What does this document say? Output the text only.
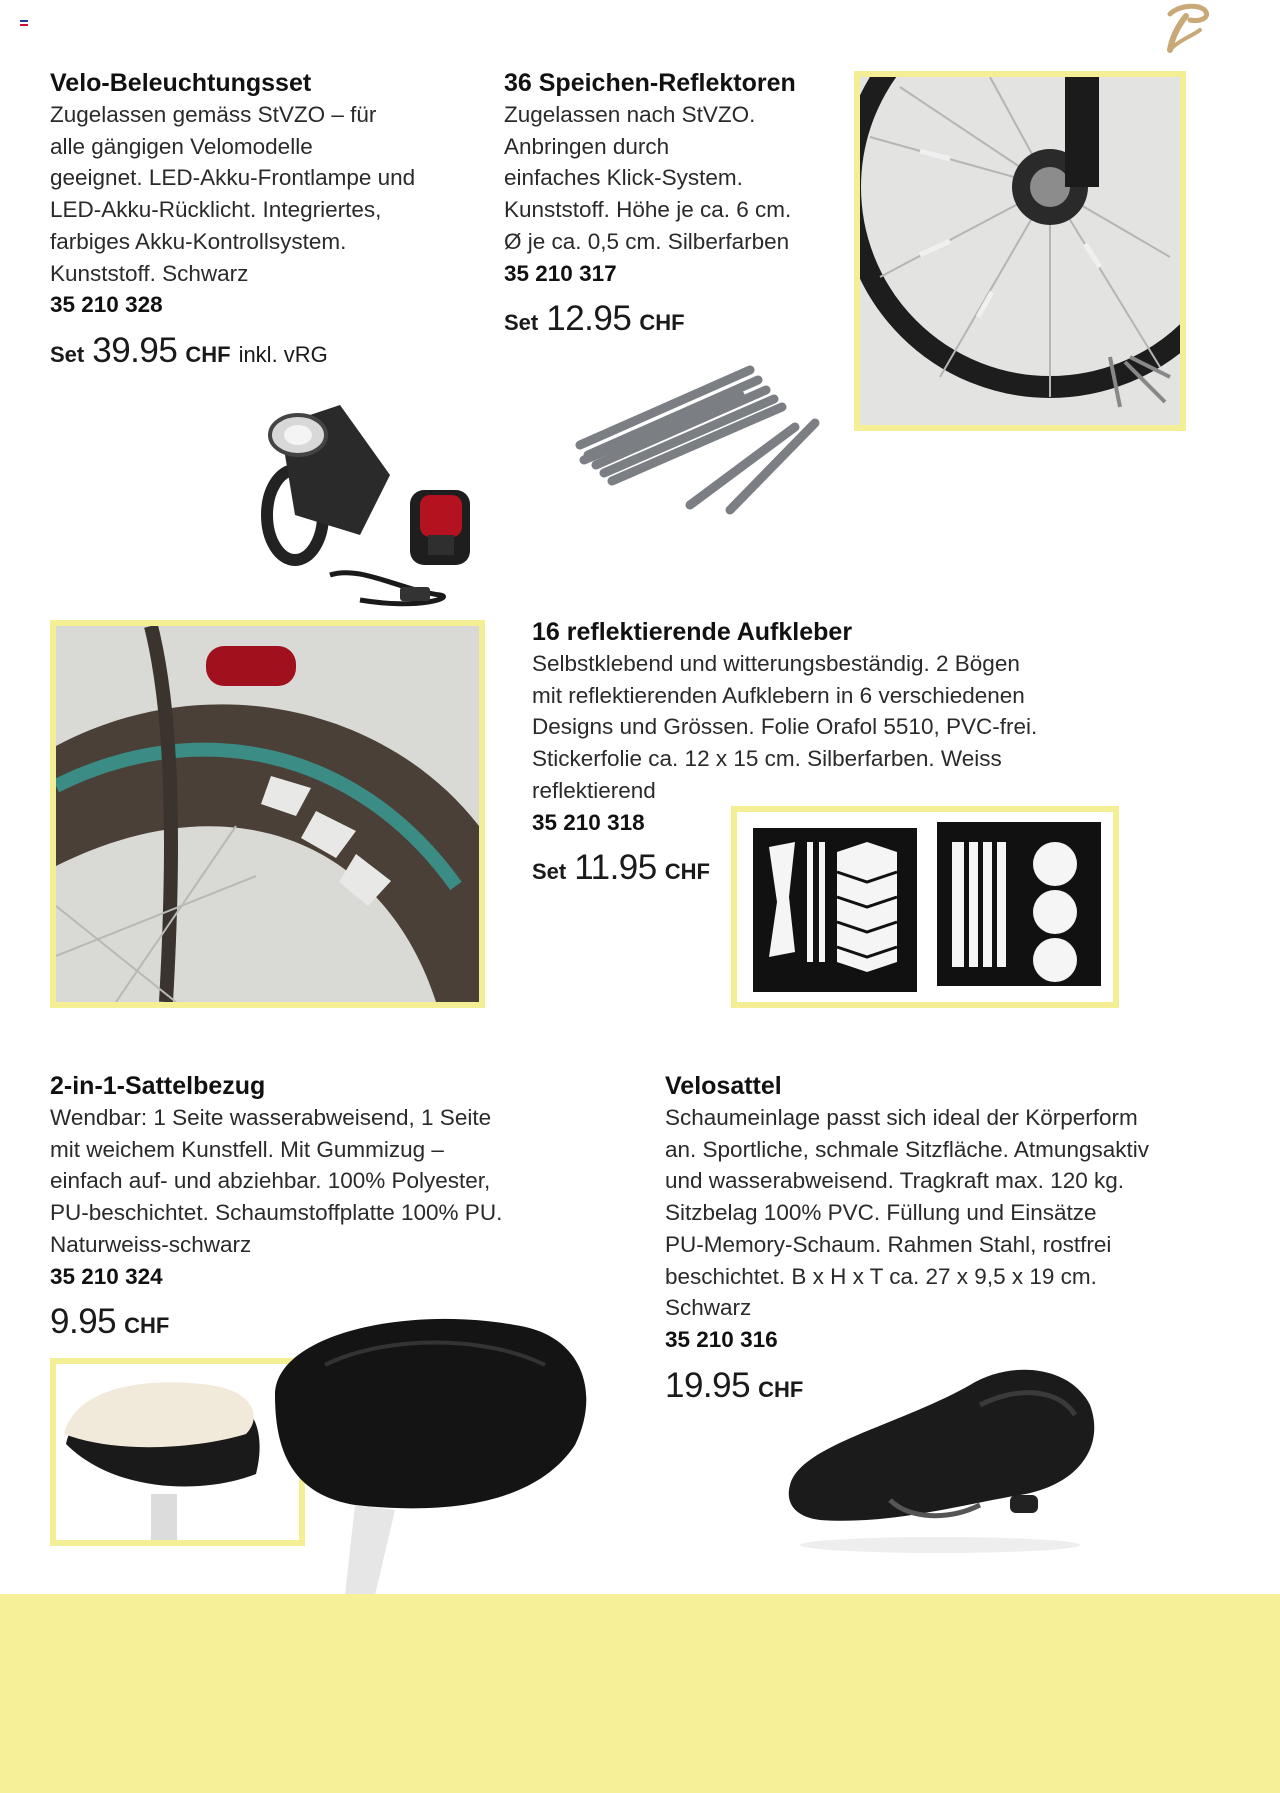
Velo-Beleuchtungsset
Zugelassen gemäss StVZO – für
alle gängigen Velomodelle
geeignet. LED-Akku-Frontlampe und
LED-Akku-Rücklicht. Integriertes,
farbiges Akku-Kontrollsystem.
Kunststoff. Schwarz
35 210 328
Set 39.95 CHF inkl. vRG
36 Speichen-Reflektoren
Zugelassen nach StVZO.
Anbringen durch
einfaches Klick-System.
Kunststoff. Höhe je ca. 6 cm.
Ø je ca. 0,5 cm. Silberfarben
35 210 317
Set 12.95 CHF
16 reflektierende Aufkleber
Selbstklebend und witterungsbeständig. 2 Bögen
mit reflektierenden Aufklebern in 6 verschiedenen
Designs und Grössen. Folie Orafol 5510, PVC-frei.
Stickerfolie ca. 12 x 15 cm. Silberfarben. Weiss
reflektierend
35 210 318
Set 11.95 CHF
2-in-1-Sattelbezug
Wendbar: 1 Seite wasserabweisend, 1 Seite
mit weichem Kunstfell. Mit Gummizug –
einfach auf- und abziehbar. 100% Polyester,
PU-beschichtet. Schaumstoffplatte 100% PU.
Naturweiss-schwarz
35 210 324
9.95 CHF
Velosattel
Schaumeinlage passt sich ideal der Körperform
an. Sportliche, schmale Sitzfläche. Atmungsaktiv
und wasserabweisend. Tragkraft max. 120 kg.
Sitzbelag 100% PVC. Füllung und Einsätze
PU-Memory-Schaum. Rahmen Stahl, rostfrei
beschichtet. B x H x T ca. 27 x 9,5 x 19 cm.
Schwarz
35 210 316
19.95 CHF
